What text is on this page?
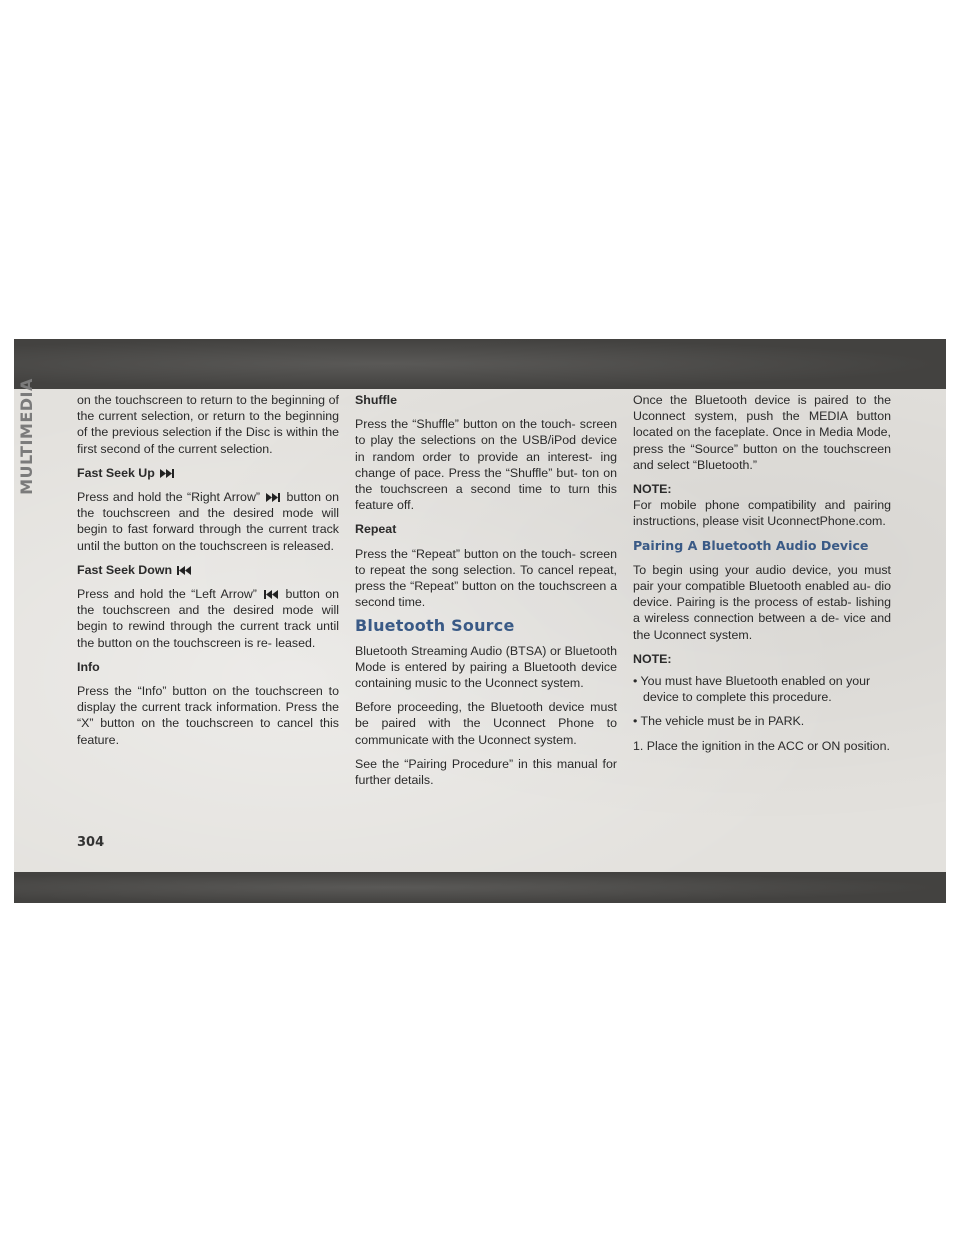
MULTIMEDIA	on the touchscreen to return to the beginning of the current selection, or return to the beginning of the previous selection if the Disc is within the first second of the current selection.

Fast Seek Up

Press and hold the “Right Arrow” button on the touchscreen and the desired mode will begin to fast forward through the current track until the button on the touchscreen is released.

Fast Seek Down

Press and hold the “Left Arrow” button on the touchscreen and the desired mode will begin to rewind through the current track until the button on the touchscreen is re- leased.

Info

Press the “Info” button on the touchscreen to display the current track information. Press the “X” button on the touchscreen to cancel this feature.

Shuffle

Press the “Shuffle” button on the touch- screen to play the selections on the USB/iPod device in random order to provide an interest- ing change of pace. Press the “Shuffle” but- ton on the touchscreen a second time to turn this feature off.

Repeat

Press the “Repeat” button on the touch- screen to repeat the song selection. To cancel repeat, press the “Repeat” button on the touchscreen a second time.

Bluetooth Source

Bluetooth Streaming Audio (BTSA) or Bluetooth Mode is entered by pairing a Bluetooth device containing music to the Uconnect system.

Before proceeding, the Bluetooth device must be paired with the Uconnect Phone to communicate with the Uconnect system.

See the “Pairing Procedure” in this manual for further details.

Once the Bluetooth device is paired to the Uconnect system, push the MEDIA button located on the faceplate. Once in Media Mode, press the “Source” button on the touchscreen and select “Bluetooth.”

NOTE:

For mobile phone compatibility and pairing instructions, please visit UconnectPhone.com.

Pairing A Bluetooth Audio Device

To begin using your audio device, you must pair your compatible Bluetooth enabled au- dio device. Pairing is the process of estab- lishing a wireless connection between a de- vice and the Uconnect system.

NOTE:

• You must have Bluetooth enabled on your device to complete this procedure.

• The vehicle must be in PARK.

1. Place the ignition in the ACC or ON position.

304
